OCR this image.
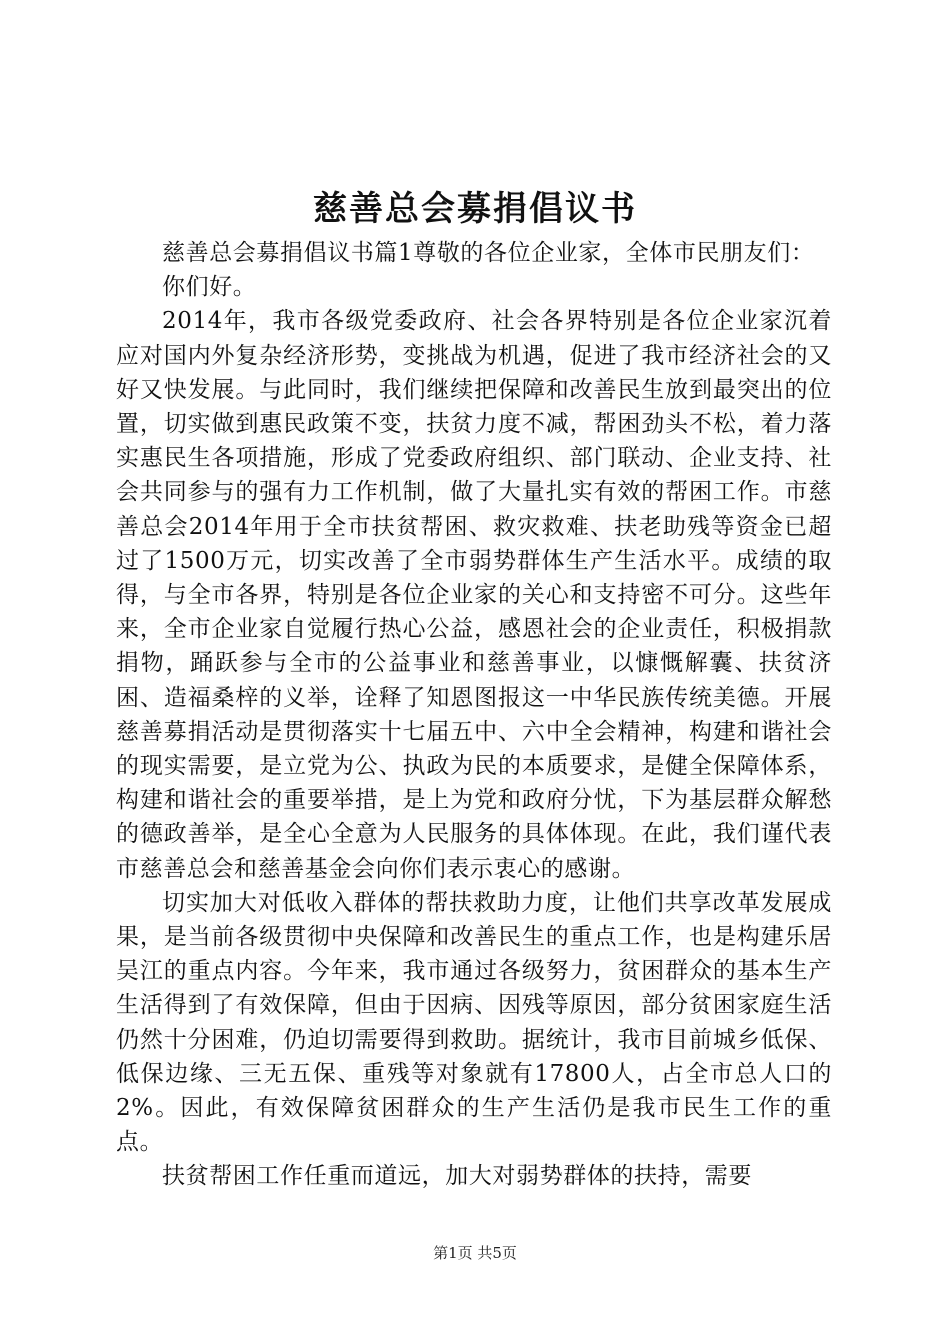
慈善总会募捐倡议书

慈善总会募捐倡议书篇1尊敬的各位企业家，全体市民朋友们：

你们好。

2014年，我市各级党委政府、社会各界特别是各位企业家沉着应对国内外复杂经济形势，变挑战为机遇，促进了我市经济社会的又好又快发展。与此同时，我们继续把保障和改善民生放到最突出的位置，切实做到惠民政策不变，扶贫力度不减，帮困劲头不松，着力落实惠民生各项措施，形成了党委政府组织、部门联动、企业支持、社会共同参与的强有力工作机制，做了大量扎实有效的帮困工作。市慈善总会2014年用于全市扶贫帮困、救灾救难、扶老助残等资金已超过了1500万元，切实改善了全市弱势群体生产生活水平。成绩的取得，与全市各界，特别是各位企业家的关心和支持密不可分。这些年来，全市企业家自觉履行热心公益，感恩社会的企业责任，积极捐款捐物，踊跃参与全市的公益事业和慈善事业，以慷慨解囊、扶贫济困、造福桑梓的义举，诠释了知恩图报这一中华民族传统美德。开展慈善募捐活动是贯彻落实十七届五中、六中全会精神，构建和谐社会的现实需要，是立党为公、执政为民的本质要求，是健全保障体系，构建和谐社会的重要举措，是上为党和政府分忧，下为基层群众解愁的德政善举，是全心全意为人民服务的具体体现。在此，我们谨代表市慈善总会和慈善基金会向你们表示衷心的感谢。

切实加大对低收入群体的帮扶救助力度，让他们共享改革发展成果，是当前各级贯彻中央保障和改善民生的重点工作，也是构建乐居吴江的重点内容。今年来，我市通过各级努力，贫困群众的基本生产生活得到了有效保障，但由于因病、因残等原因，部分贫困家庭生活仍然十分困难，仍迫切需要得到救助。据统计，我市目前城乡低保、低保边缘、三无五保、重残等对象就有17800人，占全市总人口的2%。因此，有效保障贫困群众的生产生活仍是我市民生工作的重点。

扶贫帮困工作任重而道远，加大对弱势群体的扶持，需要

第1页 共5页
